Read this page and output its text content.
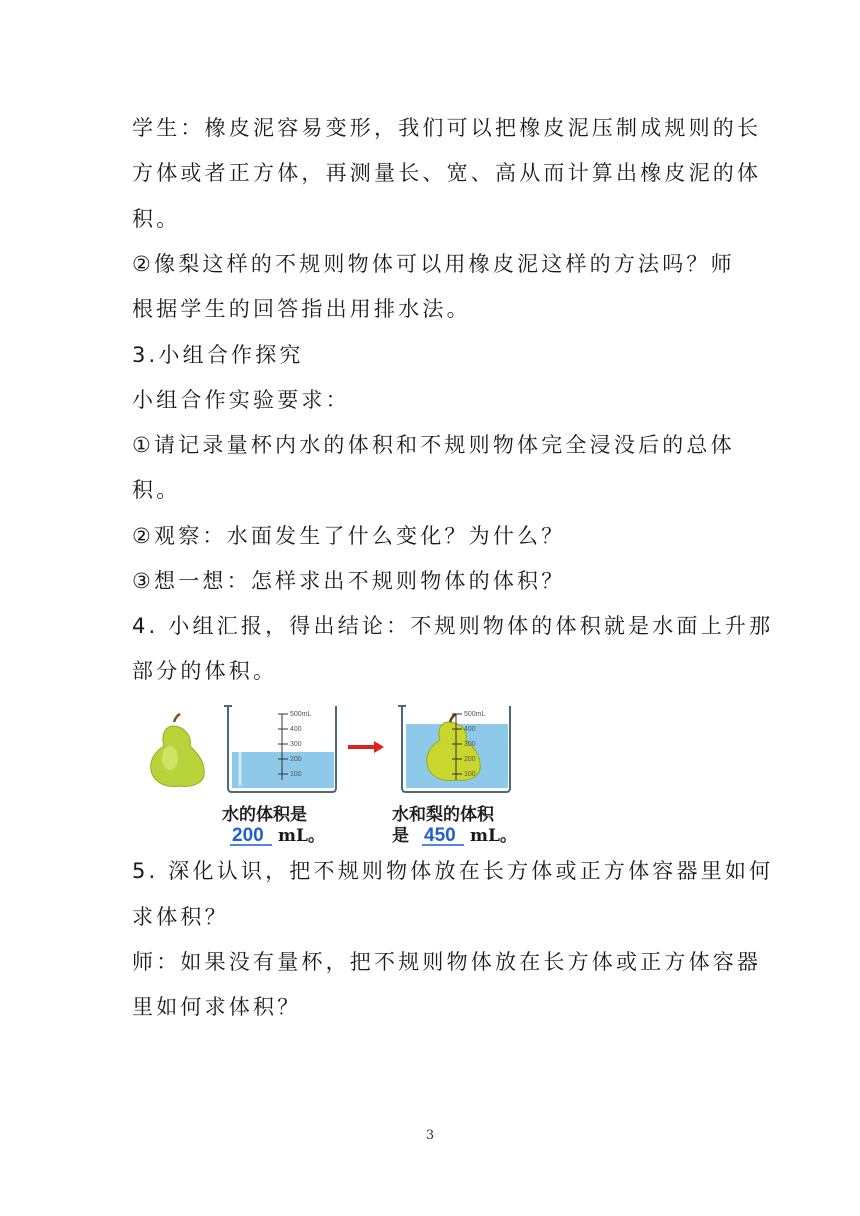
学生：橡皮泥容易变形，我们可以把橡皮泥压制成规则的长
方体或者正方体，再测量长、宽、高从而计算出橡皮泥的体
积。
②像梨这样的不规则物体可以用橡皮泥这样的方法吗？师
根据学生的回答指出用排水法。
3.小组合作探究
小组合作实验要求：
①请记录量杯内水的体积和不规则物体完全浸没后的总体
积。
②观察：水面发生了什么变化？为什么？
③想一想：怎样求出不规则物体的体积？
4. 小组汇报，得出结论：不规则物体的体积就是水面上升那
部分的体积。
500mL
400
300
200
100
500mL
400
300
200
100
水的体积是
200 mL。
水和梨的体积
是 450 mL。
5. 深化认识，把不规则物体放在长方体或正方体容器里如何
求体积？
师：如果没有量杯，把不规则物体放在长方体或正方体容器
里如何求体积？
3
